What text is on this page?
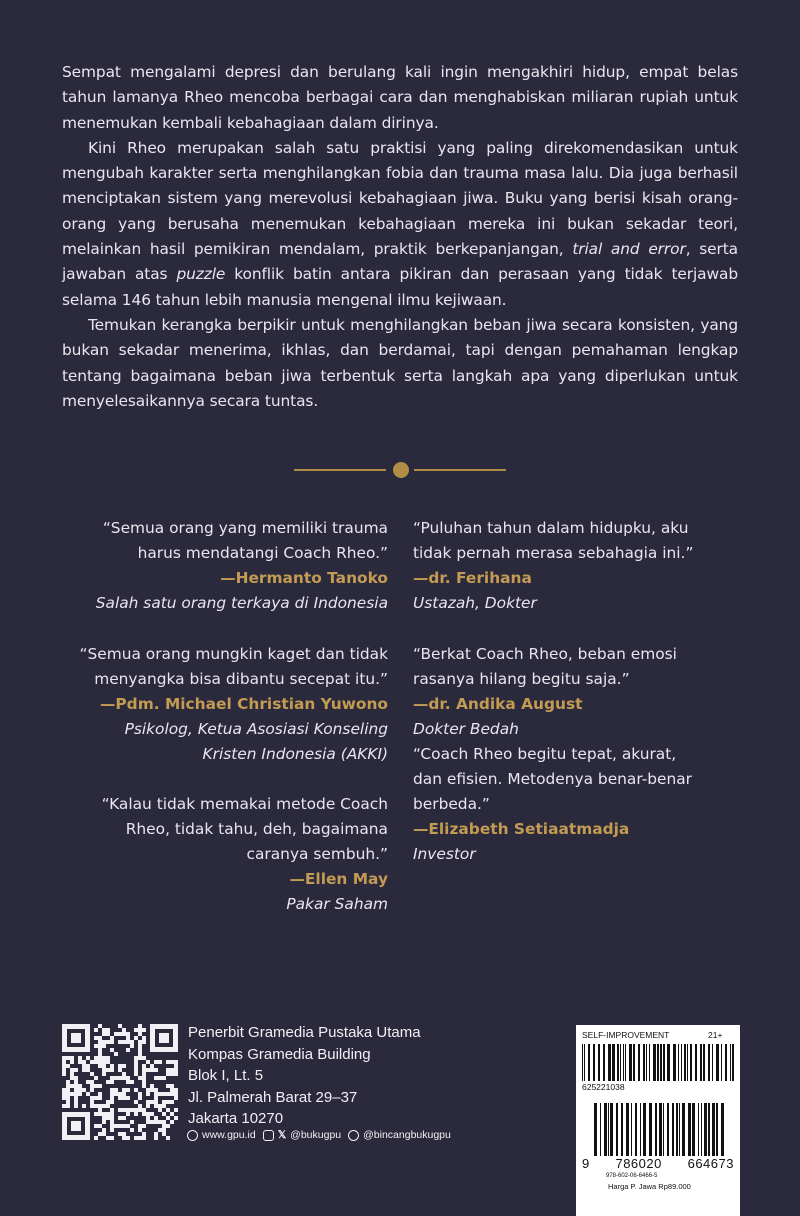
Sempat mengalami depresi dan berulang kali ingin mengakhiri hidup, empat belas tahun lamanya Rheo mencoba berbagai cara dan menghabiskan miliaran rupiah untuk menemukan kembali kebahagiaan dalam dirinya.

Kini Rheo merupakan salah satu praktisi yang paling direkomendasikan untuk mengubah karakter serta menghilangkan fobia dan trauma masa lalu. Dia juga berhasil menciptakan sistem yang merevolusi kebahagiaan jiwa. Buku yang berisi kisah orang-orang yang berusaha menemukan kebahagiaan mereka ini bukan sekadar teori, melainkan hasil pemikiran mendalam, praktik berkepanjangan, trial and error, serta jawaban atas puzzle konflik batin antara pikiran dan perasaan yang tidak terjawab selama 146 tahun lebih manusia mengenal ilmu kejiwaan.

Temukan kerangka berpikir untuk menghilangkan beban jiwa secara konsisten, yang bukan sekadar menerima, ikhlas, dan berdamai, tapi dengan pemahaman lengkap tentang bagaimana beban jiwa terbentuk serta langkah apa yang diperlukan untuk menyelesaikannya secara tuntas.

“Semua orang yang memiliki trauma

harus mendatangi Coach Rheo.”

—Hermanto Tanoko

Salah satu orang terkaya di Indonesia

“Semua orang mungkin kaget dan tidak

menyangka bisa dibantu secepat itu.”

—Pdm. Michael Christian Yuwono

Psikolog, Ketua Asosiasi Konseling

Kristen Indonesia (AKKI)

“Kalau tidak memakai metode Coach

Rheo, tidak tahu, deh, bagaimana

caranya sembuh.”

—Ellen May

Pakar Saham

“Puluhan tahun dalam hidupku, aku

tidak pernah merasa sebahagia ini.”

—dr. Ferihana

Ustazah, Dokter

“Berkat Coach Rheo, beban emosi

rasanya hilang begitu saja.”

—dr. Andika August

Dokter Bedah

“Coach Rheo begitu tepat, akurat,

dan efisien. Metodenya benar-benar

berbeda.”

—Elizabeth Setiaatmadja

Investor

Penerbit Gramedia Pustaka Utama

Kompas Gramedia Building

Blok I, Lt. 5

Jl. Palmerah Barat 29–37

Jakarta 10270

www.gpu.id 𝕏 @bukugpu @bincangbukugpu
SELF-IMPROVEMENT	21+
625221038
9 786020 664673
978-602-06-6466-5
Harga P. Jawa Rp89.000
